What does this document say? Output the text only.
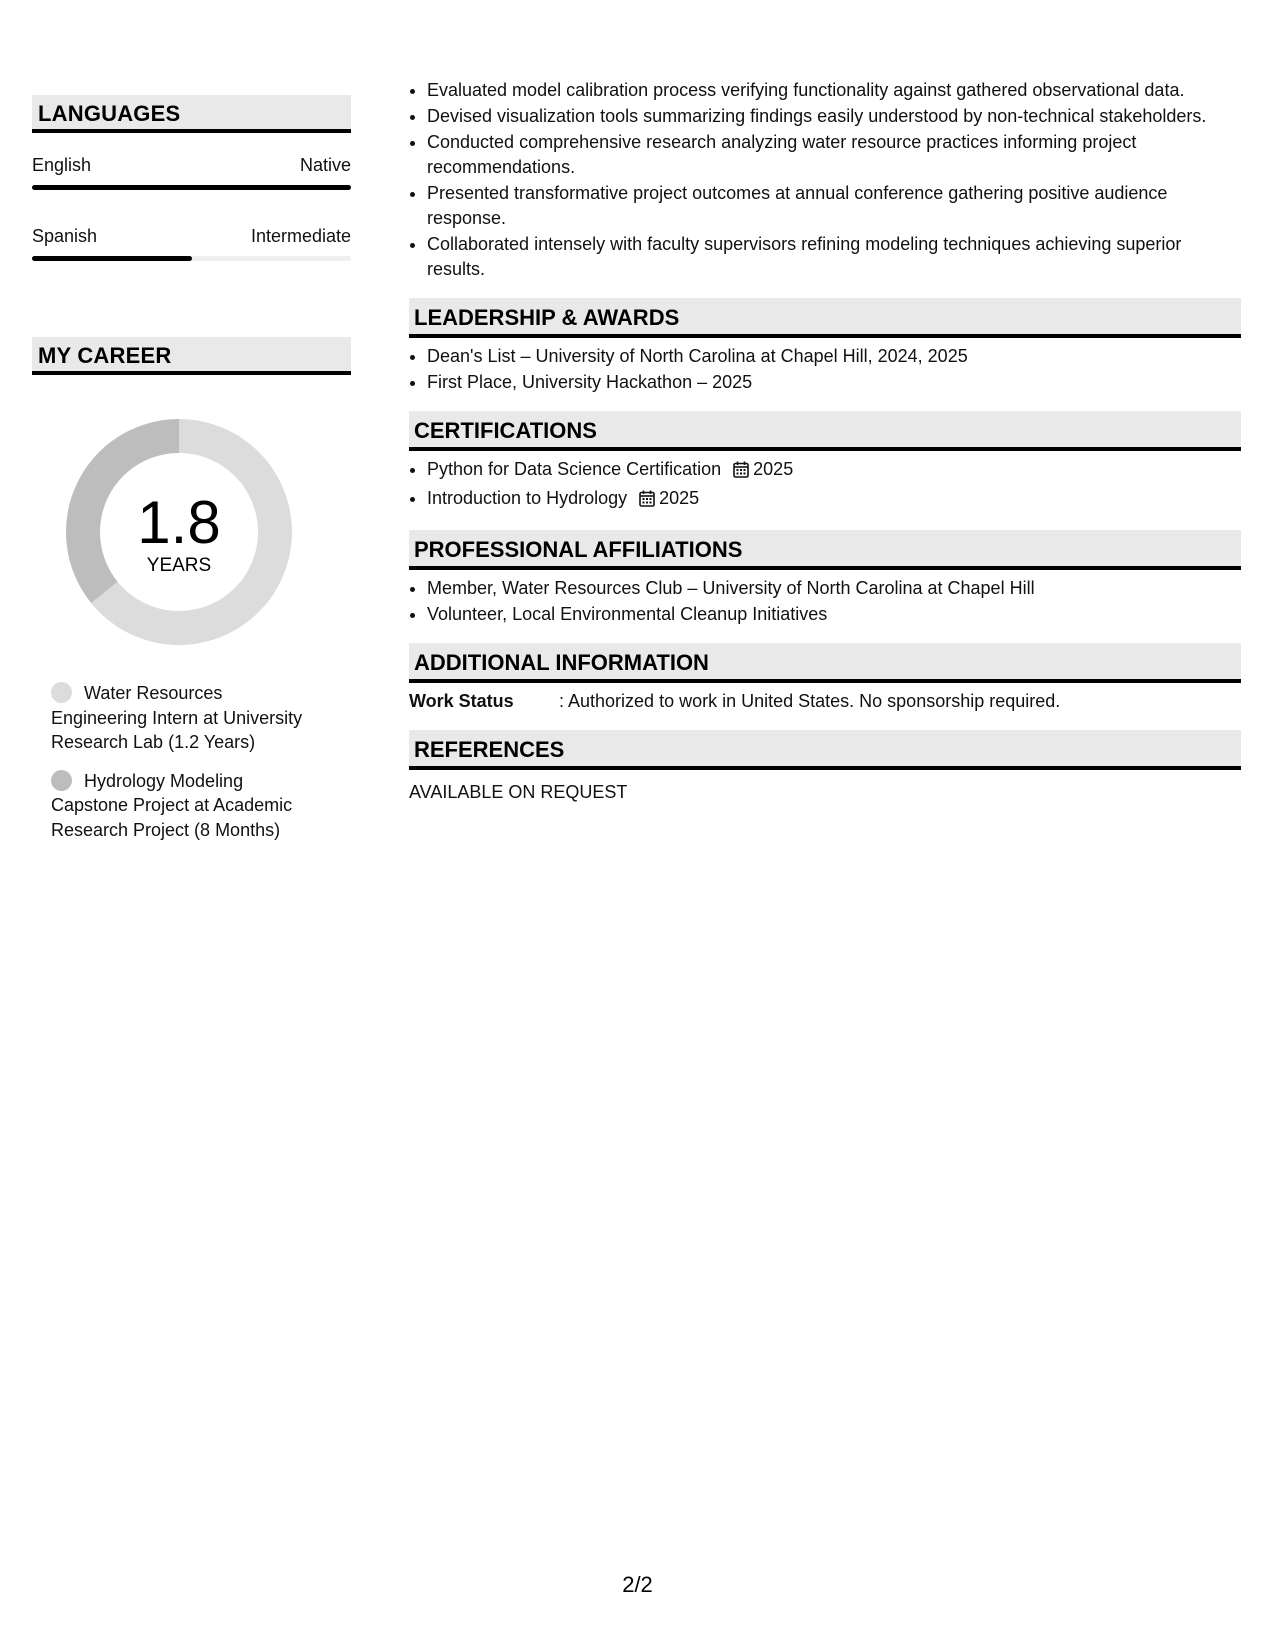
LANGUAGES
English	Native
Spanish	Intermediate
MY CAREER
1.8
YEARS
Water Resources Engineering Intern at University Research Lab (1.2 Years)
Hydrology Modeling Capstone Project at Academic Research Project (8 Months)
• Evaluated model calibration process verifying functionality against gathered observational data.
• Devised visualization tools summarizing findings easily understood by non-technical stakeholders.
• Conducted comprehensive research analyzing water resource practices informing project recommendations.
• Presented transformative project outcomes at annual conference gathering positive audience response.
• Collaborated intensely with faculty supervisors refining modeling techniques achieving superior results.
LEADERSHIP & AWARDS
• Dean's List – University of North Carolina at Chapel Hill, 2024, 2025
• First Place, University Hackathon – 2025
CERTIFICATIONS
• Python for Data Science Certification 2025
• Introduction to Hydrology 2025
PROFESSIONAL AFFILIATIONS
• Member, Water Resources Club – University of North Carolina at Chapel Hill
• Volunteer, Local Environmental Cleanup Initiatives
ADDITIONAL INFORMATION
Work Status	: Authorized to work in United States. No sponsorship required.
REFERENCES
AVAILABLE ON REQUEST
2/2
